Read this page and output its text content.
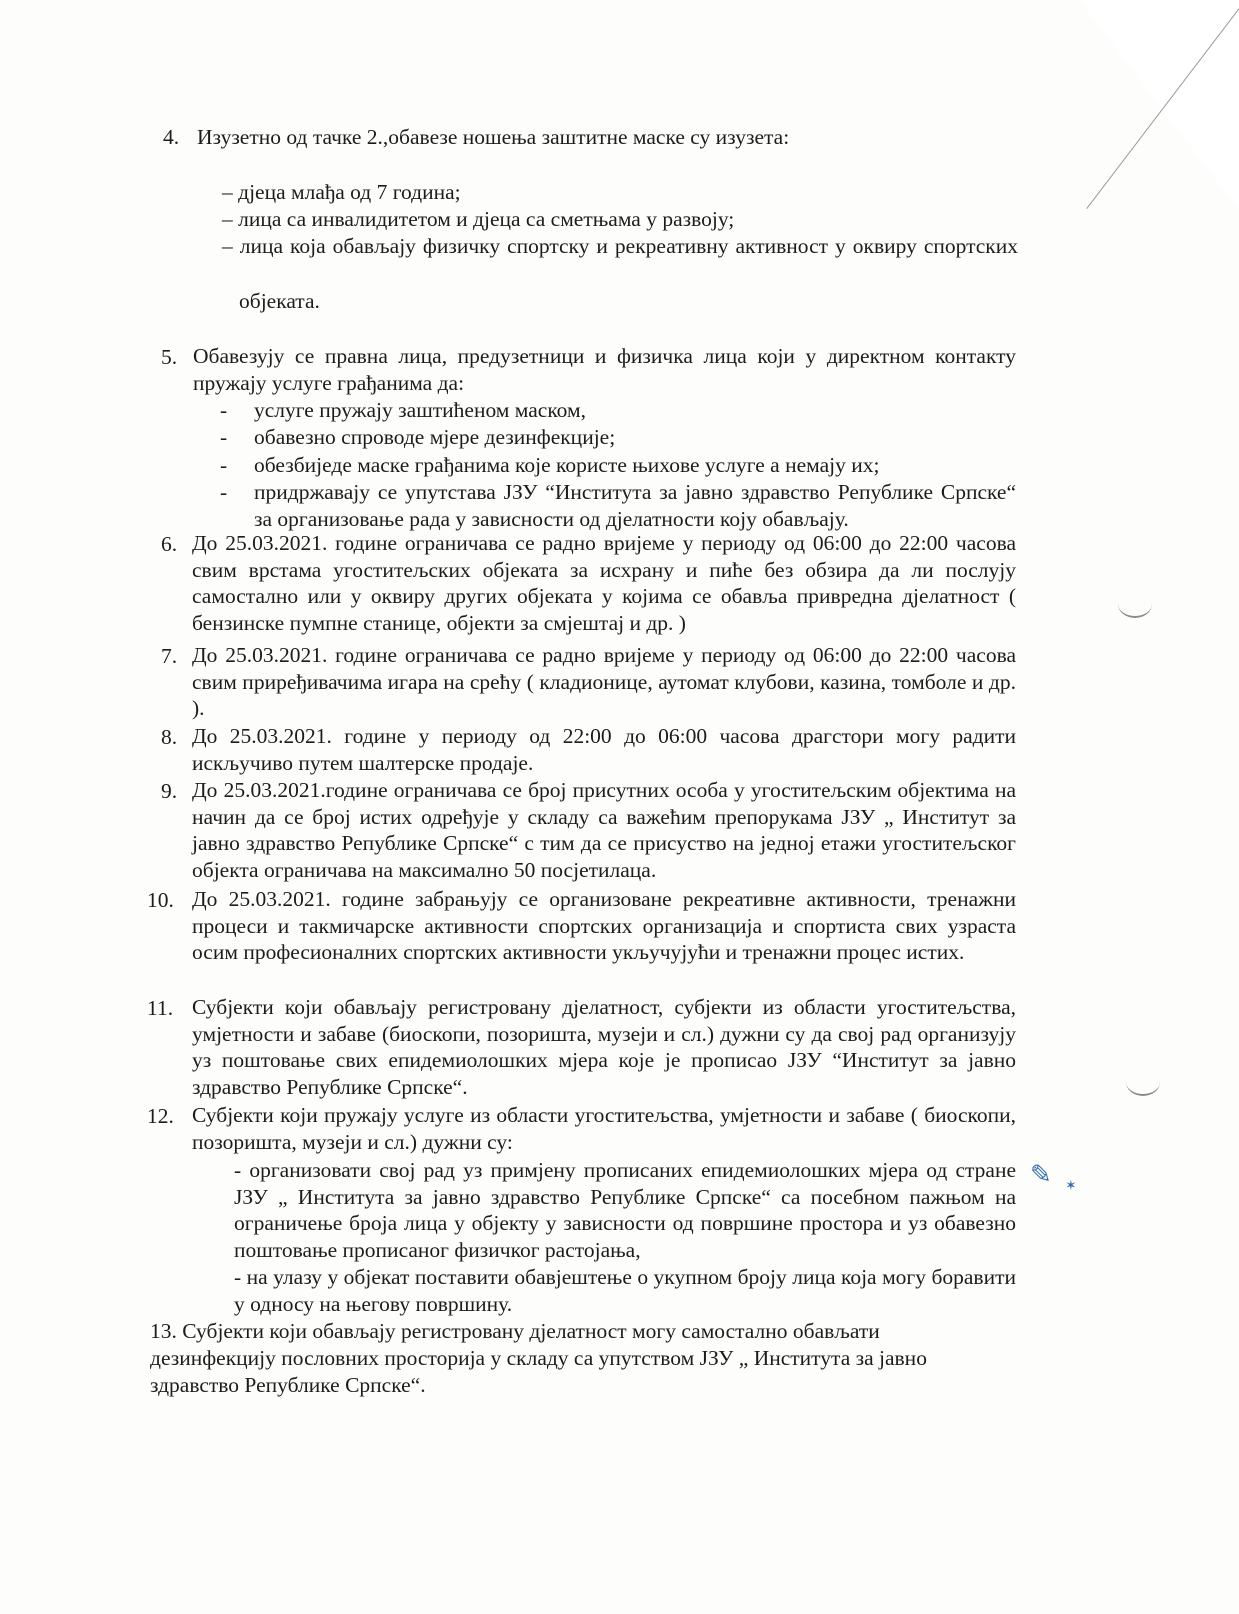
✎ ✶
4. Изузетно од тачке 2.,обавезе ношења заштитне маске су изузета:
– дјеца млађа од 7 година;
– лица са инвалидитетом и дјеца са сметњама у развоју;
– лица која обављају физичку спортску и рекреативну активност у оквиру спортских
објеката.
5. Обавезују се правна лица, предузетници и физичка лица који у директном контакту пружају услуге грађанима да:
- услуге пружају заштићеном маском,
- обавезно спроводе мјере дезинфекције;
- обезбиједе маске грађанима које користе њихове услуге а немају их;
- придржавају се упутстава ЈЗУ “Института за јавно здравство Републике Српске“ за организовање рада у зависности од дјелатности коју обављају.
6. До 25.03.2021. године ограничава се радно вријеме у периоду од 06:00 до 22:00 часова свим врстама угоститељских објеката за исхрану и пиће без обзира да ли послују самостално или у оквиру других објеката у којима се обавља привредна дјелатност ( бензинске пумпне станице, објекти за смјештај и др. )
7. До 25.03.2021. године ограничава се радно вријеме у периоду од 06:00 до 22:00 часова свим приређивачима игара на срећу ( кладионице, аутомат клубови, казина, томболе и др. ).
8. До 25.03.2021. године у периоду од 22:00 до 06:00 часова драгстори могу радити искључиво путем шалтерске продаје.
9. До 25.03.2021.године ограничава се број присутних особа у угоститељским објектима на начин да се број истих одређује у складу са важећим препорукама ЈЗУ „ Институт за јавно здравство Републике Српске“ с тим да се присуство на једној етажи угоститељског објекта ограничава на максимално 50 посјетилаца.
10. До 25.03.2021. године забрањују се организоване рекреативне активности, тренажни процеси и такмичарске активности спортских организација и спортиста свих узраста осим професионалних спортских активности укључујући и тренажни процес истих.
11. Субјекти који обављају регистровану дјелатност, субјекти из области угоститељства, умјетности и забаве (биоскопи, позоришта, музеји и сл.) дужни су да свој рад организују уз поштовање свих епидемиолошких мјера које је прописао ЈЗУ “Институт за јавно здравство Републике Српске“.
12. Субјекти који пружају услуге из области угоститељства, умјетности и забаве ( биоскопи, позоришта, музеји и сл.) дужни су:
- организовати свој рад уз примјену прописаних епидемиолошких мјера од стране ЈЗУ „ Института за јавно здравство Републике Српске“ са посебном пажњом на ограничење броја лица у објекту у зависности од површине простора и уз обавезно поштовање прописаног физичког растојања,
- на улазу у објекат поставити обавјештење о укупном броју лица која могу боравити у односу на његову површину.
13. Субјекти који обављају регистровану дјелатност могу самостално обављати
дезинфекцију пословних просторија у складу са упутством ЈЗУ „ Института за јавно
здравство Републике Српске“.
